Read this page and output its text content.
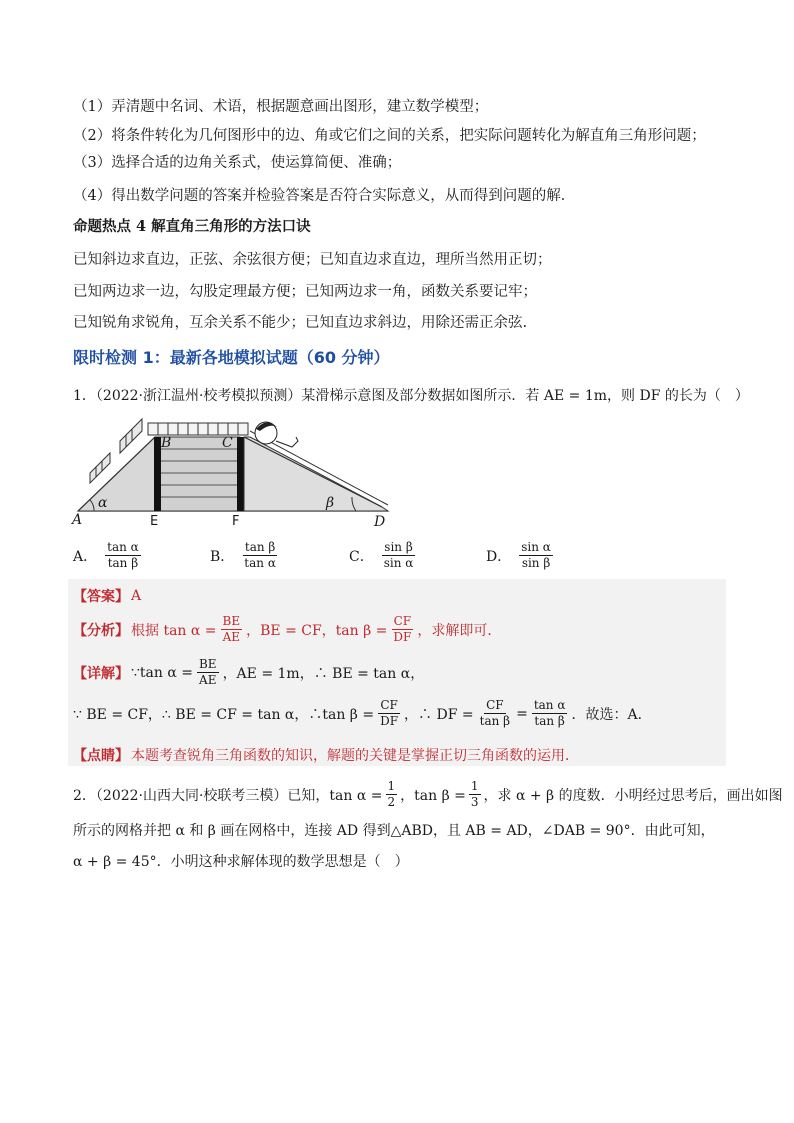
（1）弄清题中名词、术语，根据题意画出图形，建立数学模型；
（2）将条件转化为几何图形中的边、角或它们之间的关系，把实际问题转化为解直角三角形问题；
（3）选择合适的边角关系式，使运算简便、准确；
（4）得出数学问题的答案并检验答案是否符合实际意义，从而得到问题的解．
命题热点 4 解直角三角形的方法口诀
已知斜边求直边，正弦、余弦很方便；已知直边求直边，理所当然用正切；
已知两边求一边，勾股定理最方便；已知两边求一角，函数关系要记牢；
已知锐角求锐角，互余关系不能少；已知直边求斜边，用除还需正余弦.
限时检测 1：最新各地模拟试题（60 分钟）
1．（2022·浙江温州·校考模拟预测）某滑梯示意图及部分数据如图所示．若 AE = 1m，则 DF 的长为（　）
B	C
α	β
A	E	F	D
A． $\frac{\text{tan α}}{\text{tan β}}$	B． $\frac{\text{tan β}}{\text{tan α}}$	C． $\frac{\text{sin β}}{\text{sin α}}$	D． $\frac{\text{sin α}}{\text{sin β}}$
【答案】 A
【分析】 根据 $\tan \alpha = \frac{BE}{AE}$ ，BE = CF，$\tan \beta = \frac{CF}{DF}$ ，求解即可．
【详解】 ∵tan $\alpha = \frac{BE}{AE}$ ，AE = 1m，∴ BE = tan α，
∵ BE = CF，∴ BE = CF = tan α，∴tan $\beta = \frac{CF}{DF}$ ，∴ DF = $\frac{CF}{\text{tan β}} = \frac{\text{tan α}}{\text{tan β}}$ ．故选：A．
【点睛】 本题考查锐角三角函数的知识，解题的关键是掌握正切三角函数的运用．
2．（2022·山西大同·校联考三模）已知，$\tan \alpha = \frac{1}{2}$ ，$\tan \beta = \frac{1}{3}$ ，求 α + β 的度数．小明经过思考后，画出如图
所示的网格并把 α 和 β 画在网格中，连接 AD 得到△ABD，且 AB = AD，∠DAB = 90°．由此可知，
α + β = 45°．小明这种求解体现的数学思想是（　）
